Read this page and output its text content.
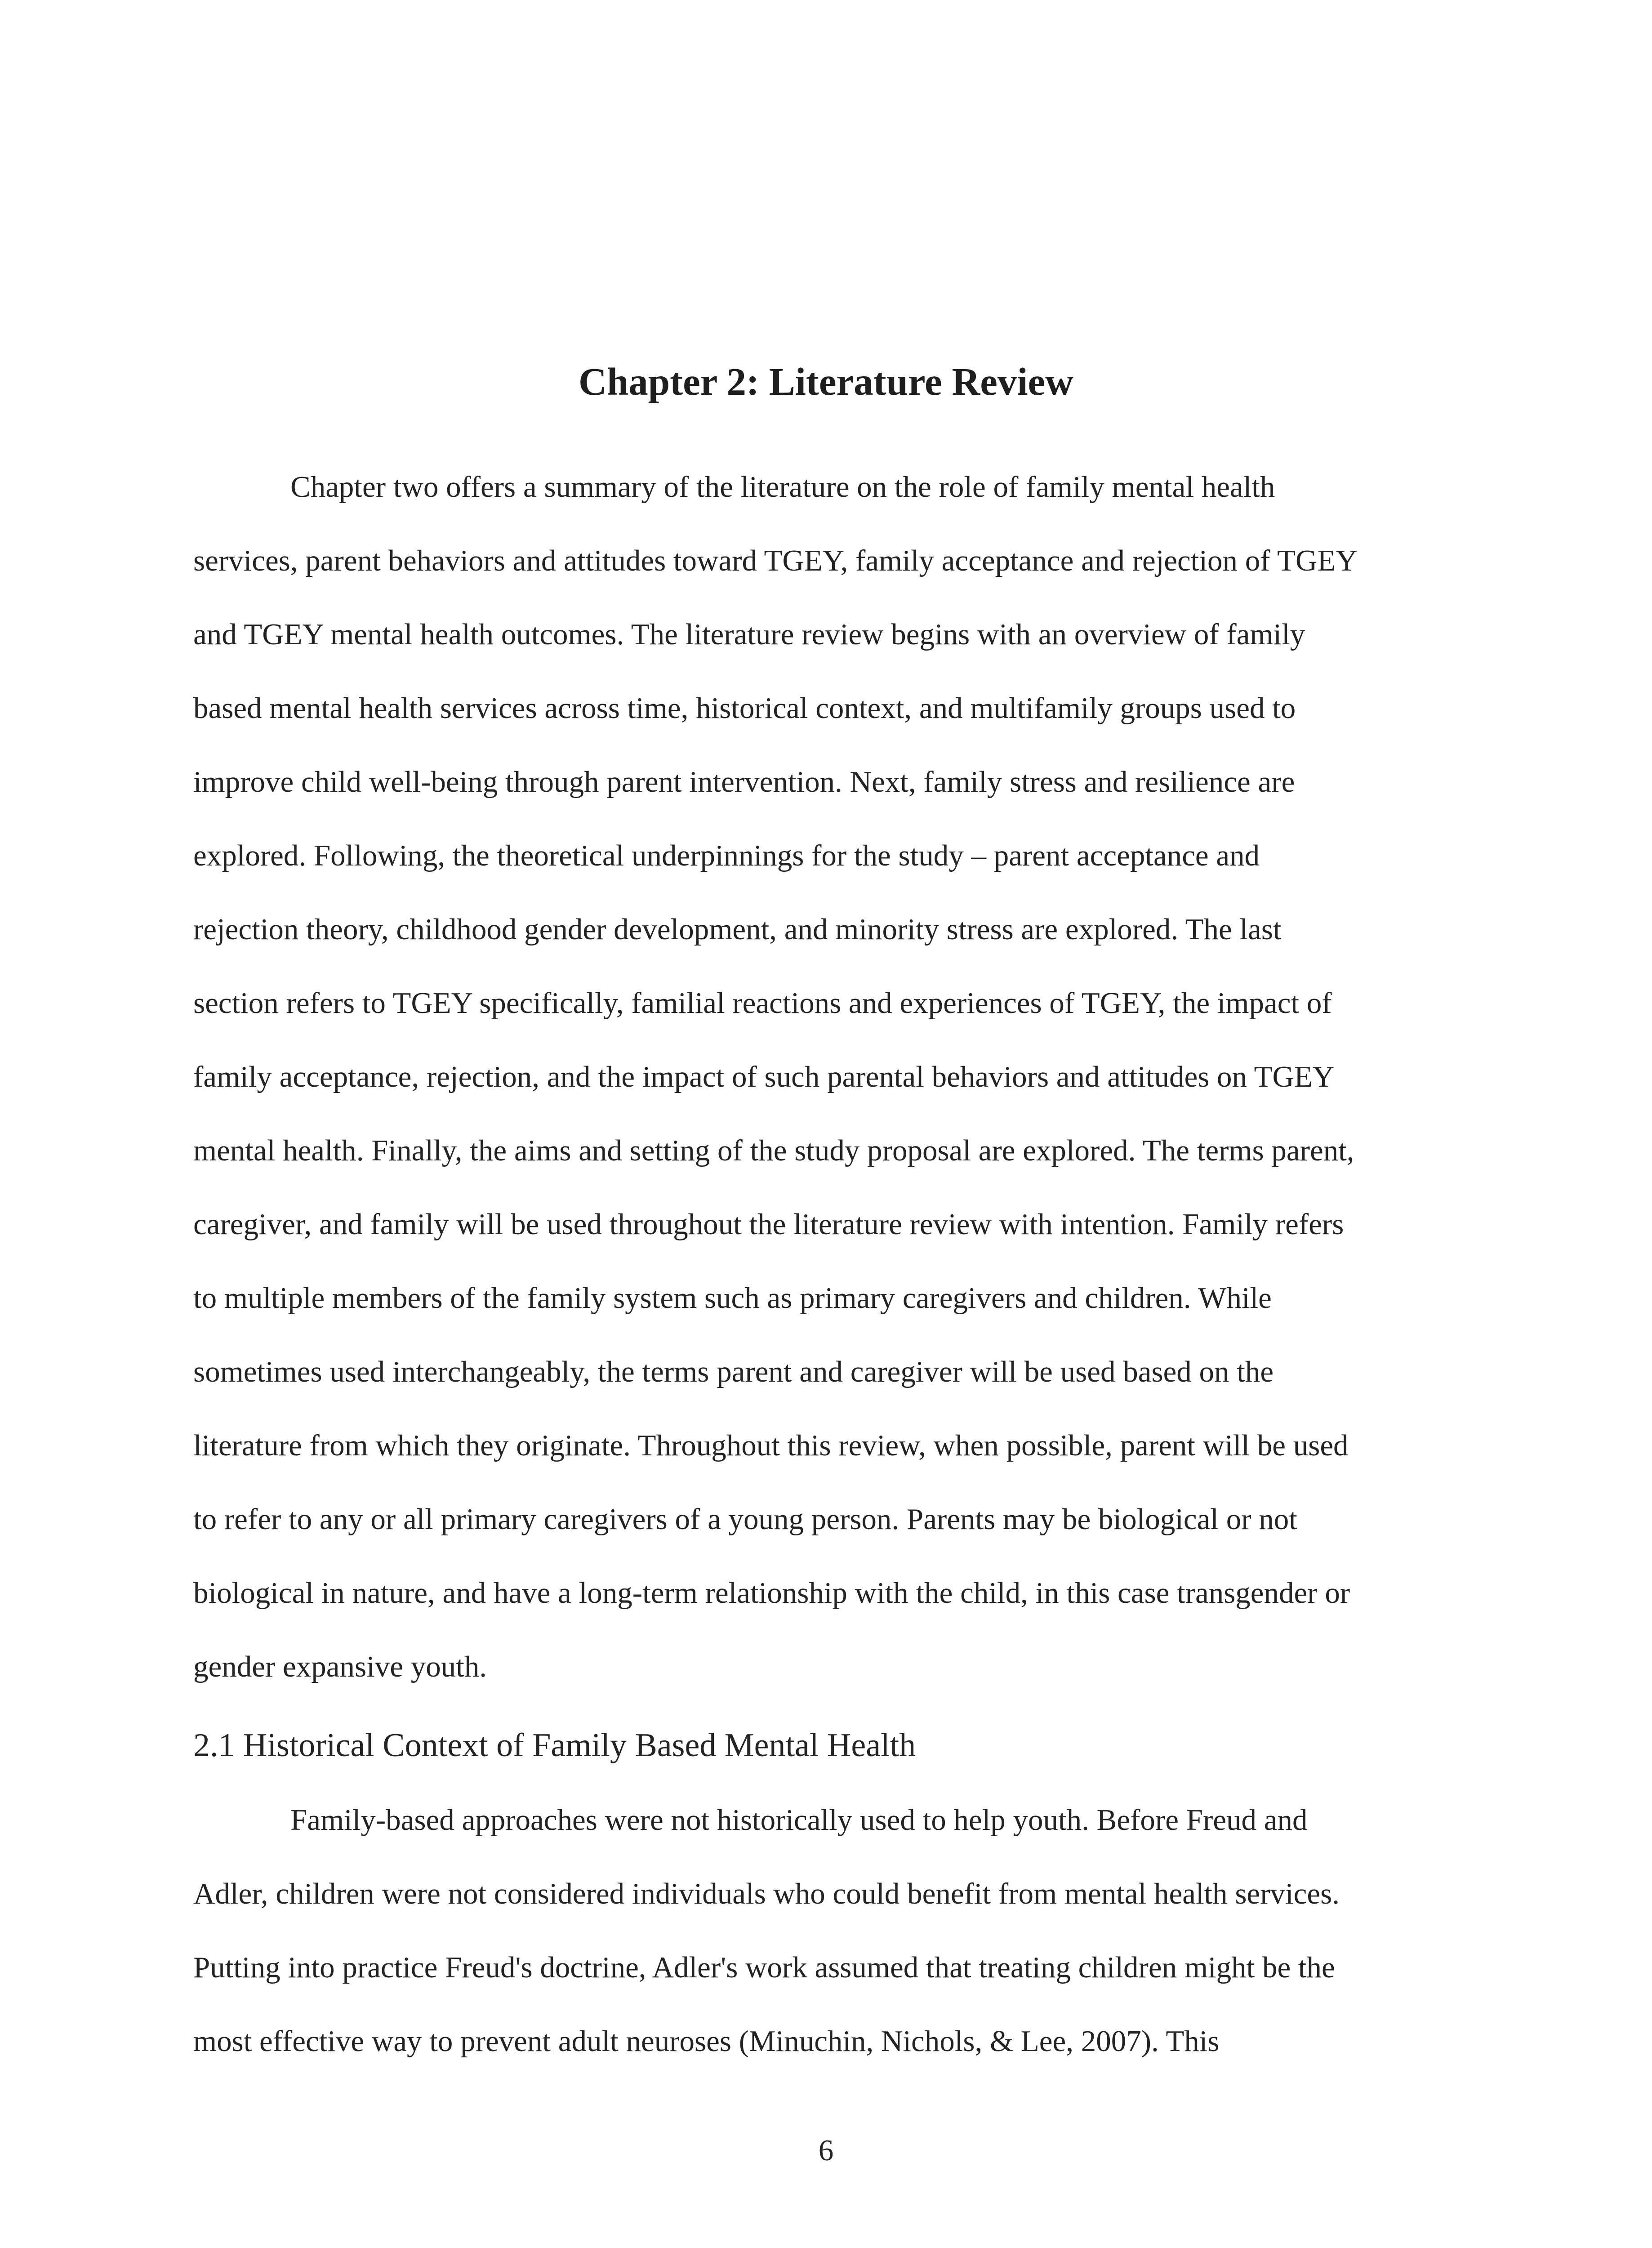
Chapter 2: Literature Review

Chapter two offers a summary of the literature on the role of family mental health

services, parent behaviors and attitudes toward TGEY, family acceptance and rejection of TGEY

and TGEY mental health outcomes. The literature review begins with an overview of family

based mental health services across time, historical context, and multifamily groups used to

improve child well-being through parent intervention. Next, family stress and resilience are

explored. Following, the theoretical underpinnings for the study – parent acceptance and

rejection theory, childhood gender development, and minority stress are explored. The last

section refers to TGEY specifically, familial reactions and experiences of TGEY, the impact of

family acceptance, rejection, and the impact of such parental behaviors and attitudes on TGEY

mental health. Finally, the aims and setting of the study proposal are explored. The terms parent,

caregiver, and family will be used throughout the literature review with intention. Family refers

to multiple members of the family system such as primary caregivers and children. While

sometimes used interchangeably, the terms parent and caregiver will be used based on the

literature from which they originate. Throughout this review, when possible, parent will be used

to refer to any or all primary caregivers of a young person. Parents may be biological or not

biological in nature, and have a long-term relationship with the child, in this case transgender or

gender expansive youth.

2.1 Historical Context of Family Based Mental Health

Family-based approaches were not historically used to help youth. Before Freud and

Adler, children were not considered individuals who could benefit from mental health services.

Putting into practice Freud's doctrine, Adler's work assumed that treating children might be the

most effective way to prevent adult neuroses (Minuchin, Nichols, & Lee, 2007). This

6
